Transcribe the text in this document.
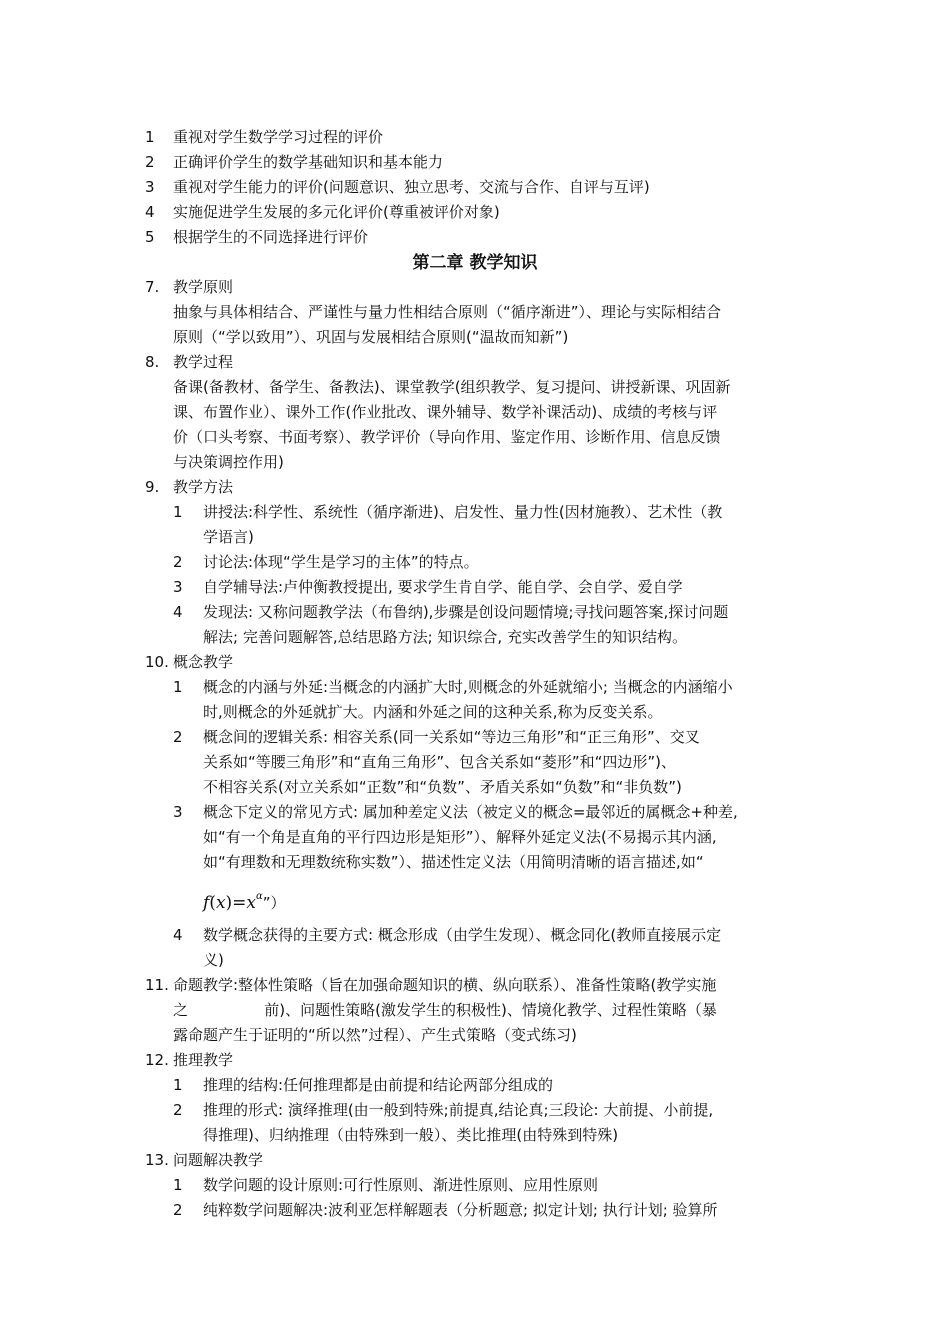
1 重视对学生数学学习过程的评价
2 正确评价学生的数学基础知识和基本能力
3 重视对学生能力的评价(问题意识、独立思考、交流与合作、自评与互评)
4 实施促进学生发展的多元化评价(尊重被评价对象)
5 根据学生的不同选择进行评价
第二章 教学知识
7. 教学原则
抽象与具体相结合、严谨性与量力性相结合原则（“循序渐进”）、理论与实际相结合
原则（“学以致用”）、巩固与发展相结合原则(“温故而知新”)
8. 教学过程
备课(备教材、备学生、备教法)、课堂教学(组织教学、复习提问、讲授新课、巩固新
课、布置作业）、课外工作(作业批改、课外辅导、数学补课活动)、成绩的考核与评
价（口头考察、书面考察）、教学评价（导向作用、鉴定作用、诊断作用、信息反馈
与决策调控作用)
9. 教学方法
1 讲授法:科学性、系统性（循序渐进)、启发性、量力性(因材施教）、艺术性（教
学语言)
2 讨论法:体现“学生是学习的主体”的特点。
3 自学辅导法:卢仲衡教授提出, 要求学生肯自学、能自学、会自学、爱自学
4 发现法: 又称问题教学法（布鲁纳),步骤是创设问题情境;寻找问题答案,探讨问题
解法; 完善问题解答,总结思路方法; 知识综合, 充实改善学生的知识结构。
10. 概念教学
1 概念的内涵与外延:当概念的内涵扩大时,则概念的外延就缩小; 当概念的内涵缩小
时,则概念的外延就扩大。内涵和外延之间的这种关系,称为反变关系。
2 概念间的逻辑关系: 相容关系(同一关系如“等边三角形”和“正三角形”、交叉
关系如“等腰三角形”和“直角三角形”、包含关系如“菱形”和“四边形”)、
不相容关系(对立关系如“正数”和“负数”、矛盾关系如“负数”和“非负数”)
3 概念下定义的常见方式: 属加种差定义法（被定义的概念=最邻近的属概念+种差,
如“有一个角是直角的平行四边形是矩形”）、解释外延定义法(不易揭示其内涵,
如“有理数和无理数统称实数”）、描述性定义法（用简明清晰的语言描述,如“
$f(x)=x^\alpha$”）
4 数学概念获得的主要方式: 概念形成（由学生发现）、概念同化(教师直接展示定
义)
11. 命题教学:整体性策略（旨在加强命题知识的横、纵向联系）、准备性策略(教学实施
之                前)、问题性策略(激发学生的积极性)、情境化教学、过程性策略（暴
露命题产生于证明的“所以然”过程）、产生式策略（变式练习)
12. 推理教学
1 推理的结构:任何推理都是由前提和结论两部分组成的
2 推理的形式: 演绎推理(由一般到特殊;前提真,结论真;三段论: 大前提、小前提,
得推理)、归纳推理（由特殊到一般）、类比推理(由特殊到特殊)
13. 问题解决教学
1 数学问题的设计原则:可行性原则、渐进性原则、应用性原则
2 纯粹数学问题解决:波利亚怎样解题表（分析题意; 拟定计划; 执行计划; 验算所
